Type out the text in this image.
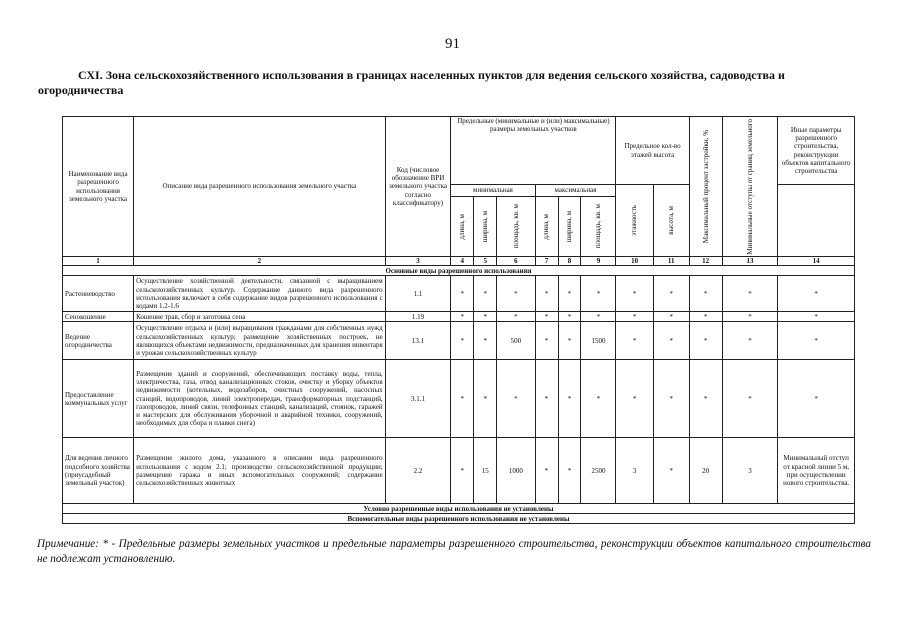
91
СХI. Зона сельскохозяйственного использования в границах населенных пунктов для ведения сельского хозяйства, садоводства и огородничества
Наименование вида разрешенного использования земельного участка	Описание вида разрешенного использования земельного участка	Код (числовое обозначение ВРИ земельного участка согласно классификатору)	Предельные (минимальные и (или) максимальные) размеры земельных участков						Предельное кол-во этажей высота		Максимальный процент застройки, %	Минимальные отступы от границ земельного	Иные параметры разрешенного строительства, реконструкции объектов капитального строительства
			минимальная			максимальная			этажность	высота, м			

			длина, м	ширина, м	площадь, кв. м	длина, м	ширина, м	площадь, кв. м					

1	2	3	4	5	6	7	8	9	10	11	12	13	14
Основные виды разрешенного использования													
Растениеводство	Осуществление хозяйственной деятельности, связанной с выращиванием сельскохозяйственных культур. Содержание данного вида разрешенного использования включает в себя содержание видов разрешенного использования с кодами 1.2-1.6	1.1	*	*	*	*	*	*	*	*	*	*	*
Сенокошение	Кошение трав, сбор и заготовка сена	1.19	*	*	*	*	*	*	*	*	*	*	*
Ведение огородничества	Осуществление отдыха и (или) выращивания гражданами для собственных нужд сельскохозяйственных культур; размещение хозяйственных построек, не являющихся объектами недвижимости, предназначенных для хранения инвентаря и урожая сельскохозяйственных культур	13.1	*	*	500	*	*	1500	*	*	*	*	*
Предоставление коммунальных услуг	Размещение зданий и сооружений, обеспечивающих поставку воды, тепла, электричества, газа, отвод канализационных стоков, очистку и уборку объектов недвижимости (котельных, водозаборов, очистных сооружений, насосных станций, водопроводов, линий электропередач, трансформаторных подстанций, газопроводов, линий связи, телефонных станций, канализаций, стоянок, гаражей и мастерских для обслуживания уборочной и аварийной техники, сооружений, необходимых для сбора и плавки снега)	3.1.1	*	*	*	*	*	*	*	*	*	*	*
Для ведения личного подсобного хозяйства (приусадебный земельный участок)	Размещение жилого дома, указанного в описании вида разрешенного использования с кодом 2.1; производство сельскохозяйственной продукции; размещение гаража и иных вспомогательных сооружений; содержание сельскохозяйственных животных	2.2	*	15	1000	*	*	2500	3	*	20	3	Минимальный отступ от красной линии 5 м, при осуществлении нового строительства.
Условно разрешенные виды использования не установлены													
Вспомогательные виды разрешенного использования не установлены													
Примечание: * - Предельные размеры земельных участков и предельные параметры разрешенного строительства, реконструкции объектов капитального строительства не подлежат установлению.
